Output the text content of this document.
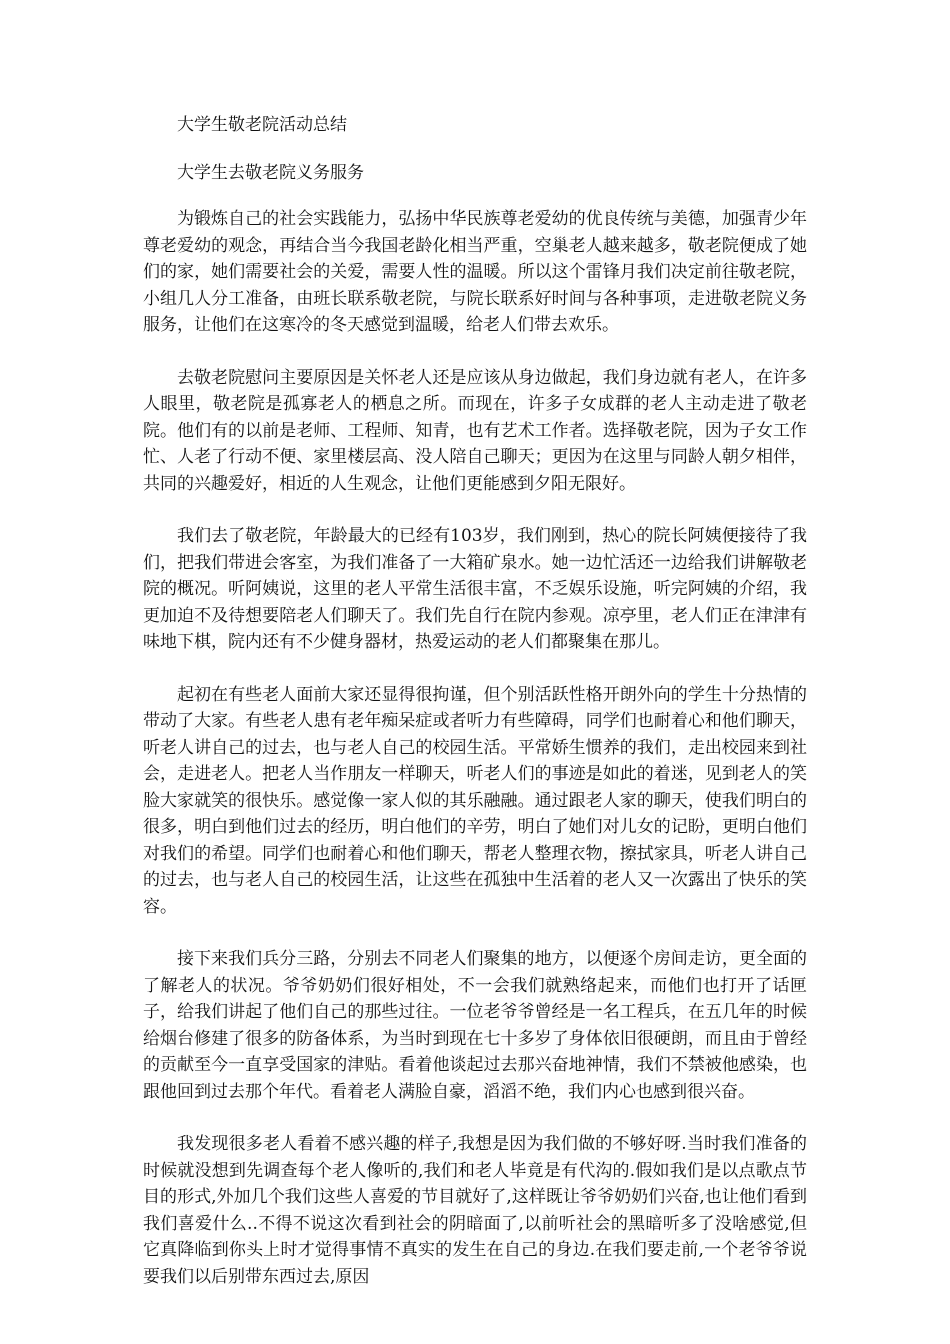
大学生敬老院活动总结
大学生去敬老院义务服务

为锻炼自己的社会实践能力，弘扬中华民族尊老爱幼的优良传统与美德，加强青少年尊老爱幼的观念，再结合当今我国老龄化相当严重，空巢老人越来越多，敬老院便成了她们的家，她们需要社会的关爱，需要人性的温暖。所以这个雷锋月我们决定前往敬老院，小组几人分工准备，由班长联系敬老院，与院长联系好时间与各种事项，走进敬老院义务服务，让他们在这寒冷的冬天感觉到温暖，给老人们带去欢乐。

去敬老院慰问主要原因是关怀老人还是应该从身边做起，我们身边就有老人，在许多人眼里，敬老院是孤寡老人的栖息之所。而现在，许多子女成群的老人主动走进了敬老院。他们有的以前是老师、工程师、知青，也有艺术工作者。选择敬老院，因为子女工作忙、人老了行动不便、家里楼层高、没人陪自己聊天；更因为在这里与同龄人朝夕相伴，共同的兴趣爱好，相近的人生观念，让他们更能感到夕阳无限好。

我们去了敬老院，年龄最大的已经有103岁，我们刚到，热心的院长阿姨便接待了我们，把我们带进会客室，为我们准备了一大箱矿泉水。她一边忙活还一边给我们讲解敬老院的概况。听阿姨说，这里的老人平常生活很丰富，不乏娱乐设施，听完阿姨的介绍，我更加迫不及待想要陪老人们聊天了。我们先自行在院内参观。凉亭里，老人们正在津津有味地下棋，院内还有不少健身器材，热爱运动的老人们都聚集在那儿。

起初在有些老人面前大家还显得很拘谨，但个别活跃性格开朗外向的学生十分热情的带动了大家。有些老人患有老年痴呆症或者听力有些障碍，同学们也耐着心和他们聊天，听老人讲自己的过去，也与老人自己的校园生活。平常娇生惯养的我们，走出校园来到社会，走进老人。把老人当作朋友一样聊天，听老人们的事迹是如此的着迷，见到老人的笑脸大家就笑的很快乐。感觉像一家人似的其乐融融。通过跟老人家的聊天，使我们明白的很多，明白到他们过去的经历，明白他们的辛劳，明白了她们对儿女的记盼，更明白他们对我们的希望。同学们也耐着心和他们聊天，帮老人整理衣物，擦拭家具，听老人讲自己的过去，也与老人自己的校园生活，让这些在孤独中生活着的老人又一次露出了快乐的笑容。

接下来我们兵分三路，分别去不同老人们聚集的地方，以便逐个房间走访，更全面的了解老人的状况。爷爷奶奶们很好相处，不一会我们就熟络起来，而他们也打开了话匣子，给我们讲起了他们自己的那些过往。一位老爷爷曾经是一名工程兵，在五几年的时候给烟台修建了很多的防备体系，为当时到现在七十多岁了身体依旧很硬朗，而且由于曾经的贡献至今一直享受国家的津贴。看着他谈起过去那兴奋地神情，我们不禁被他感染，也跟他回到过去那个年代。看着老人满脸自豪，滔滔不绝，我们内心也感到很兴奋。

我发现很多老人看着不感兴趣的样子,我想是因为我们做的不够好呀.当时我们准备的时候就没想到先调查每个老人像听的,我们和老人毕竟是有代沟的.假如我们是以点歌点节目的形式,外加几个我们这些人喜爱的节目就好了,这样既让爷爷奶奶们兴奋,也让他们看到我们喜爱什么..不得不说这次看到社会的阴暗面了,以前听社会的黑暗听多了没啥感觉,但它真降临到你头上时才觉得事情不真实的发生在自己的身边.在我们要走前,一个老爷爷说要我们以后别带东西过去,原因
